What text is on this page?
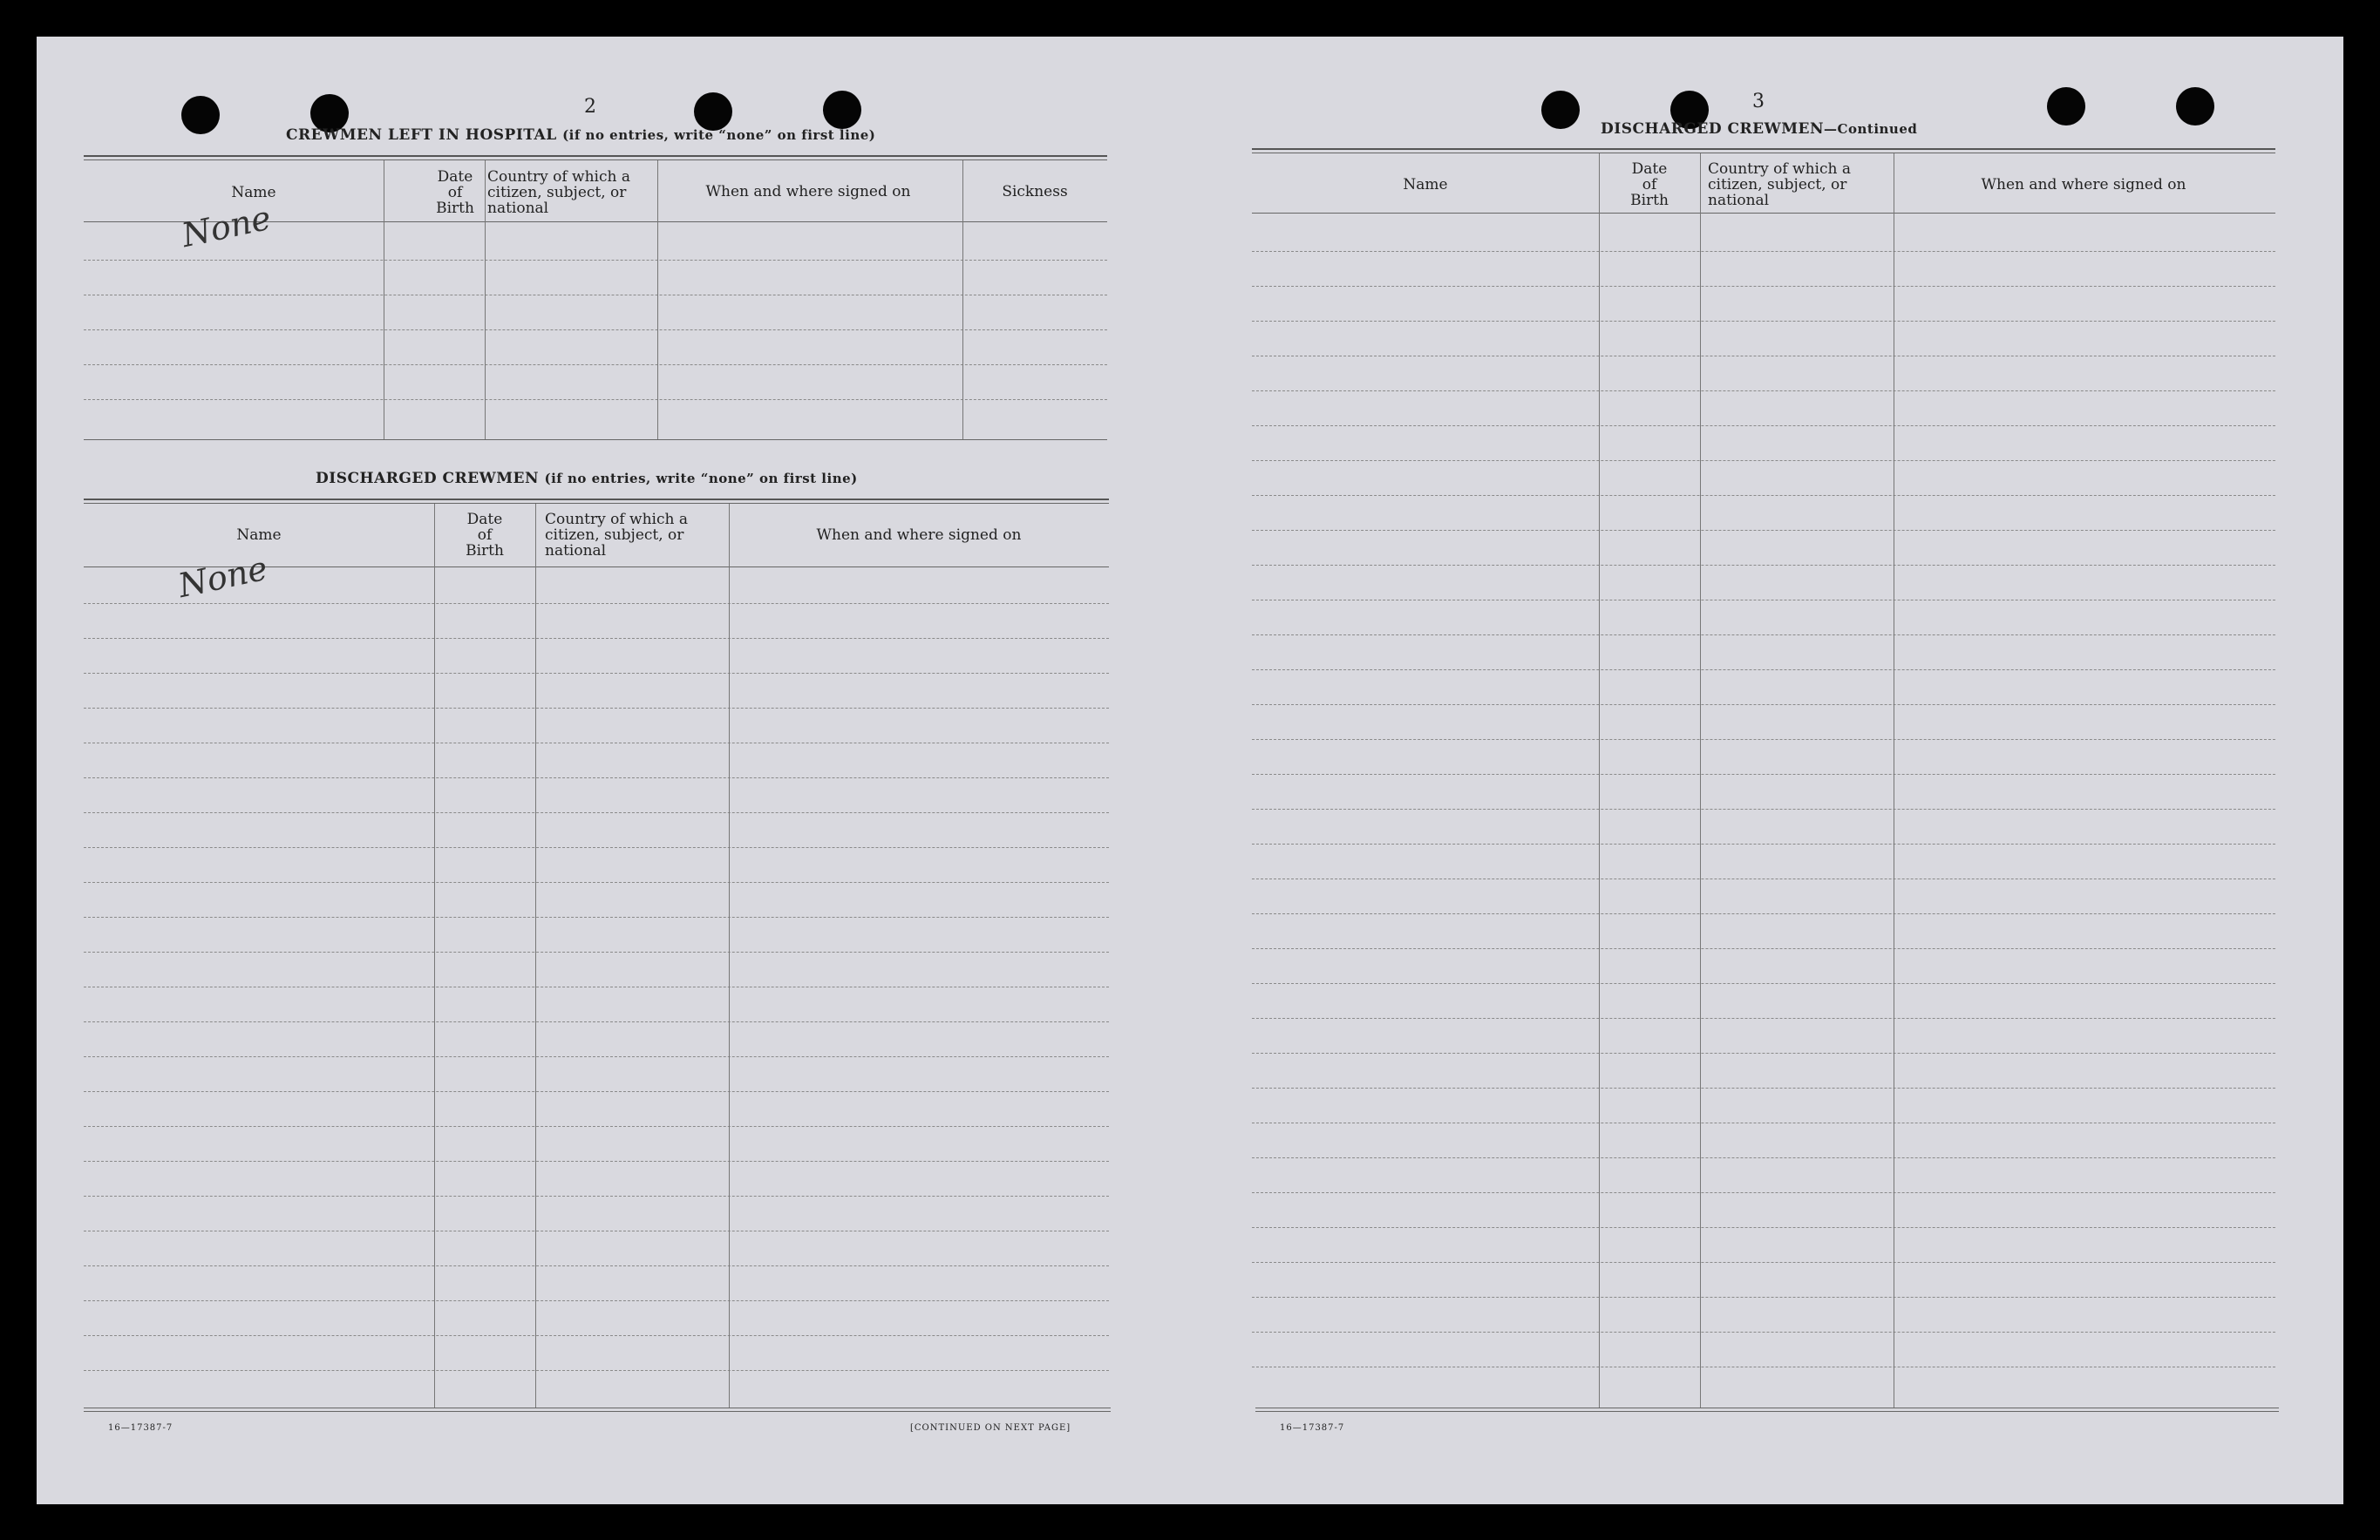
2
CREWMEN LEFT IN HOSPITAL (if no entries, write “none” on first line)
Name
Date of Birth
Country of which a citizen, subject, or national
When and where signed on	Sickness
None
DISCHARGED CREWMEN (if no entries, write “none” on first line)
Name
Date of Birth
Country of which a citizen, subject, or national
When and where signed on
None
16—17387-7	[CONTINUED ON NEXT PAGE]
3
DISCHARGED CREWMEN—Continued
Name
Date of Birth
Country of which a citizen, subject, or national
When and where signed on
16—17387-7
